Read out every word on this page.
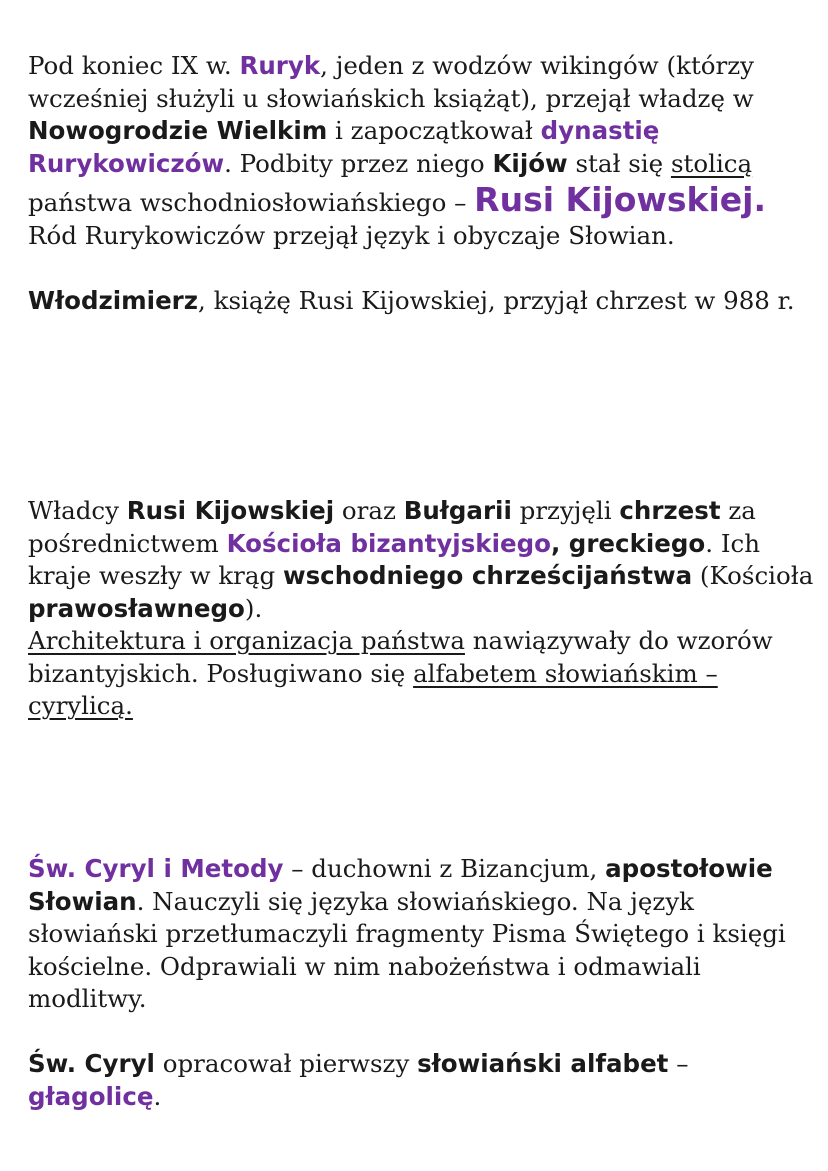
Pod koniec IX w. Ruryk, jeden z wodzów wikingów (którzy wcześniej służyli u słowiańskich książąt), przejął władzę w Nowogrodzie Wielkim i zapoczątkował dynastię Rurykowiczów. Podbity przez niego Kijów stał się stolicą państwa wschodniosłowiańskiego – Rusi Kijowskiej.

Ród Rurykowiczów przejął język i obyczaje Słowian.

Włodzimierz, książę Rusi Kijowskiej, przyjął chrzest w 988 r.

Władcy Rusi Kijowskiej oraz Bułgarii przyjęli chrzest za pośrednictwem Kościoła bizantyjskiego, greckiego. Ich kraje weszły w krąg wschodniego chrześcijaństwa (Kościoła prawosławnego).

Architektura i organizacja państwa nawiązywały do wzorów bizantyjskich. Posługiwano się alfabetem słowiańskim – cyrylicą.

Św. Cyryl i Metody – duchowni z Bizancjum, apostołowie Słowian. Nauczyli się języka słowiańskiego. Na język słowiański przetłumaczyli fragmenty Pisma Świętego i księgi kościelne. Odprawiali w nim nabożeństwa i odmawiali modlitwy.

Św. Cyryl opracował pierwszy słowiański alfabet – głagolicę.
